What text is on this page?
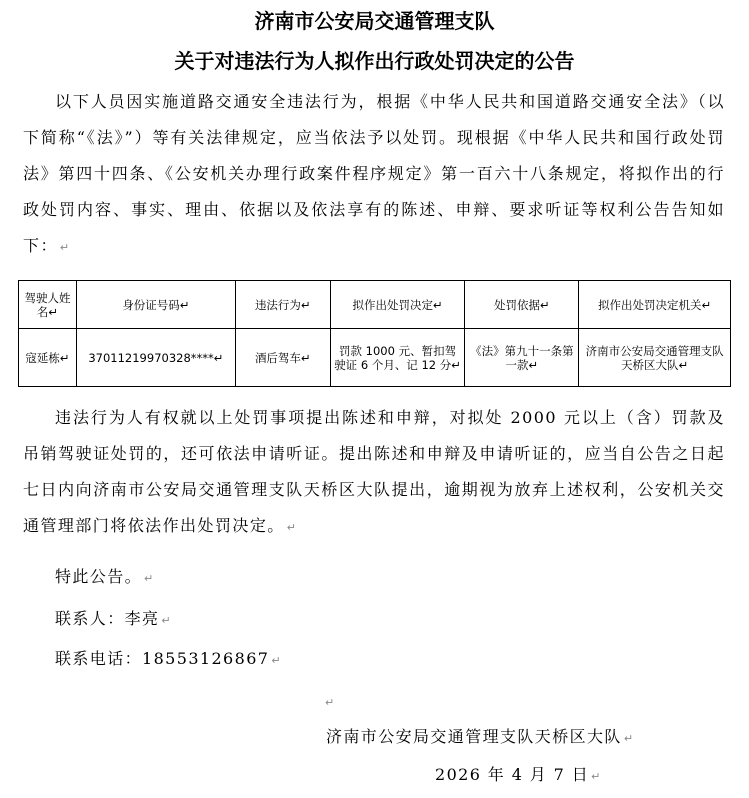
济南市公安局交通管理支队
关于对违法行为人拟作出行政处罚决定的公告
以下人员因实施道路交通安全违法行为，根据《中华人民共和国道路交通安全法》（以下简称“《法》”）等有关法律规定，应当依法予以处罚。现根据《中华人民共和国行政处罚法》第四十四条、《公安机关办理行政案件程序规定》第一百六十八条规定，将拟作出的行政处罚内容、事实、理由、依据以及依法享有的陈述、申辩、要求听证等权利公告告知如下： ↵
驾驶人姓名↵	身份证号码↵	违法行为↵	拟作出处罚决定↵	处罚依据↵	拟作出处罚决定机关↵
寇延栋↵	37011219970328****↵	酒后驾车↵	罚款 1000 元、暂扣驾驶证 6 个月、记 12 分↵	《法》第九十一条第一款↵	济南市公安局交通管理支队天桥区大队↵
违法行为人有权就以上处罚事项提出陈述和申辩，对拟处 2000 元以上（含）罚款及吊销驾驶证处罚的，还可依法申请听证。提出陈述和申辩及申请听证的，应当自公告之日起七日内向济南市公安局交通管理支队天桥区大队提出，逾期视为放弃上述权利，公安机关交通管理部门将依法作出处罚决定。 ↵
特此公告。 ↵
联系人：李亮 ↵
联系电话：18553126867 ↵
↵
济南市公安局交通管理支队天桥区大队 ↵
2026 年 4 月 7 日 ↵
